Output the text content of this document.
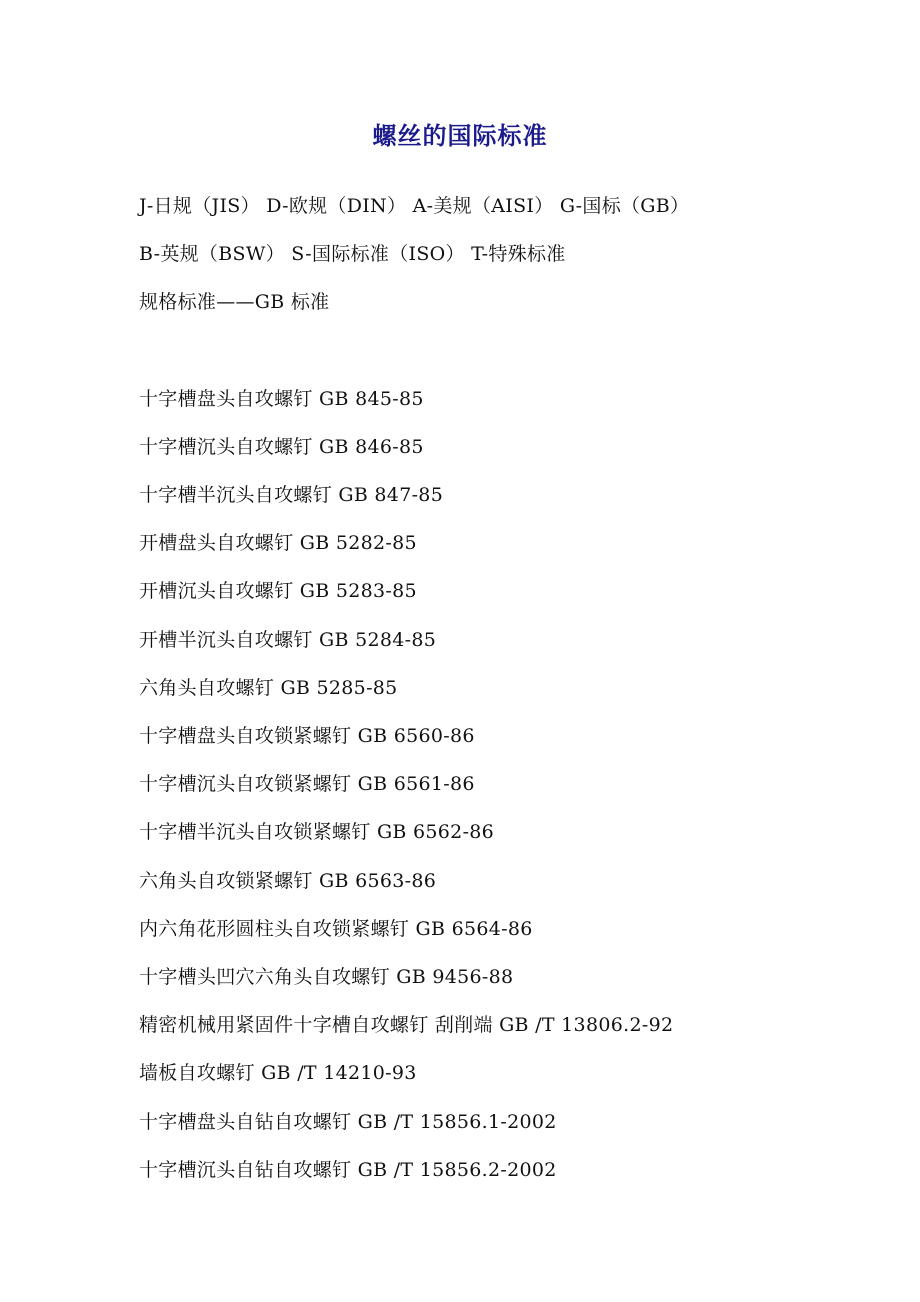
螺丝的国际标准
J-日规（JIS） D-欧规（DIN） A-美规（AISI） G-国标（GB）
B-英规（BSW） S-国际标准（ISO） T-特殊标准
规格标准——GB 标准
十字槽盘头自攻螺钉 GB 845-85
十字槽沉头自攻螺钉 GB 846-85
十字槽半沉头自攻螺钉 GB 847-85
开槽盘头自攻螺钉 GB 5282-85
开槽沉头自攻螺钉 GB 5283-85
开槽半沉头自攻螺钉 GB 5284-85
六角头自攻螺钉 GB 5285-85
十字槽盘头自攻锁紧螺钉 GB 6560-86
十字槽沉头自攻锁紧螺钉 GB 6561-86
十字槽半沉头自攻锁紧螺钉 GB 6562-86
六角头自攻锁紧螺钉 GB 6563-86
内六角花形圆柱头自攻锁紧螺钉 GB 6564-86
十字槽头凹穴六角头自攻螺钉 GB 9456-88
精密机械用紧固件十字槽自攻螺钉 刮削端 GB /T 13806.2-92
墙板自攻螺钉 GB /T 14210-93
十字槽盘头自钻自攻螺钉 GB /T 15856.1-2002
十字槽沉头自钻自攻螺钉 GB /T 15856.2-2002
